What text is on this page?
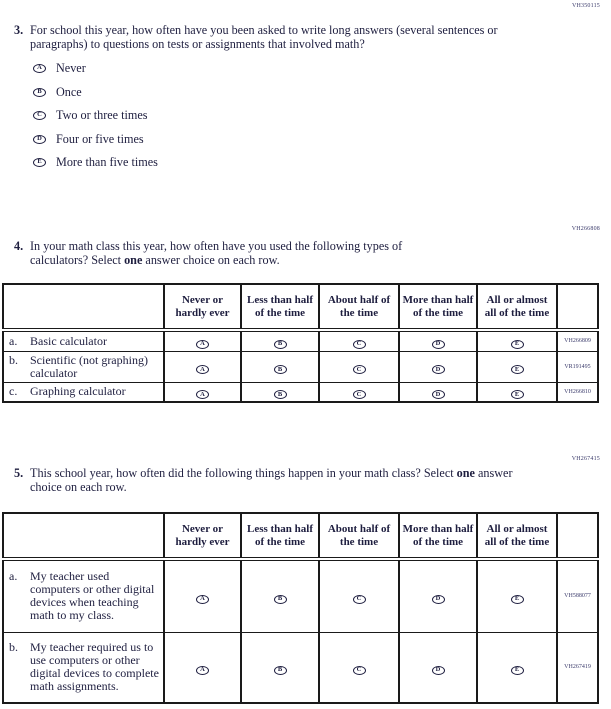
VH350115
3. For school this year, how often have you been asked to write long answers (several sentences or paragraphs) to questions on tests or assignments that involved math?
A	Never
B	Once
C	Two or three times
D	Four or five times
E	More than five times
VH266808
4. In your math class this year, how often have you used the following types of calculators? Select one answer choice on each row.
	Never or hardly ever	Less than half of the time	About half of the time	More than half of the time	All or almost all of the time	

a. Basic calculator	A	B	C	D	E	VH266809

b. Scientific (not graphing) calculator	A	B	C	D	E	VR191495

c. Graphing calculator	A	B	C	D	E	VH266810
VH267415
5. This school year, how often did the following things happen in your math class? Select one answer choice on each row.
	Never or hardly ever	Less than half of the time	About half of the time	More than half of the time	All or almost all of the time	

a. My teacher used computers or other digital devices when teaching math to my class.	A	B	C	D	E	VH588077

b. My teacher required us to use computers or other digital devices to complete math assignments.	A	B	C	D	E	VH267419
